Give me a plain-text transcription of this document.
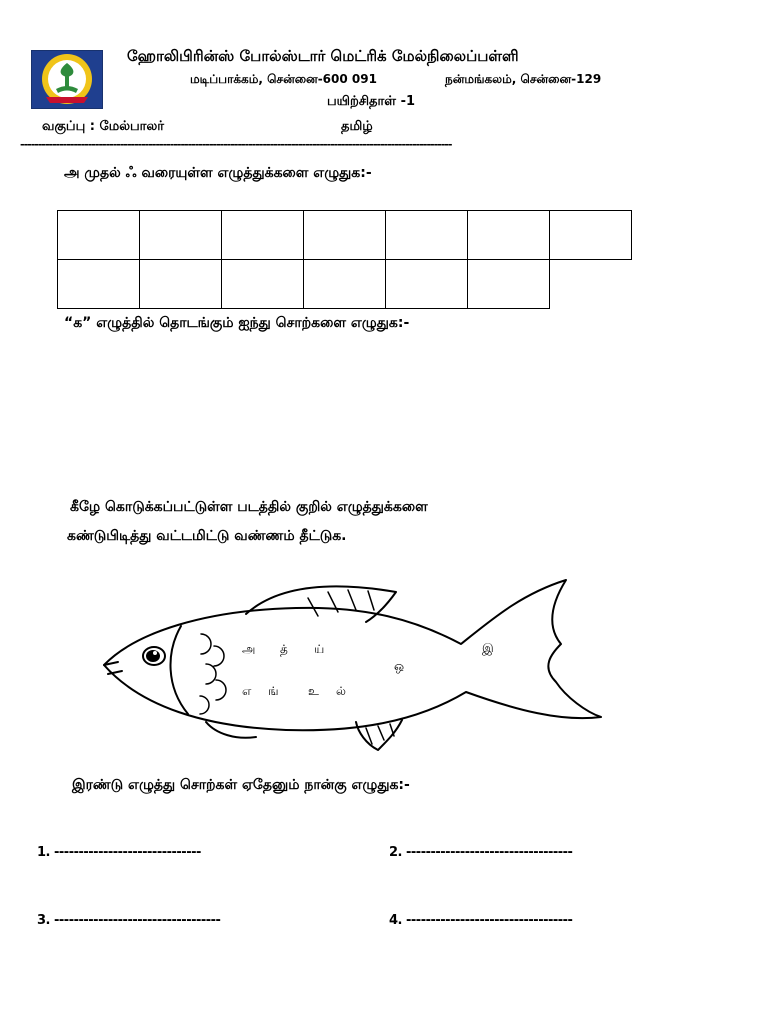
ஹோலிபிரின்ஸ் போல்ஸ்டார் மெட்ரிக் மேல்நிலைப்பள்ளி
மடிப்பாக்கம், சென்னை-600 091	நன்மங்கலம், சென்னை-129
பயிற்சிதாள் -1
வகுப்பு : மேல்பாலர்	தமிழ்
-------------------------------------------------------------------------------------------------------------------------
அ முதல் ஃ வரையுள்ள எழுத்துக்களை எழுதுக:-

“க” எழுத்தில் தொடங்கும் ஐந்து சொற்களை எழுதுக:-
கீழே கொடுக்கப்பட்டுள்ள படத்தில் குறில் எழுத்துக்களை
கண்டுபிடித்து வட்டமிட்டு வண்ணம் தீட்டுக.
அ த் ய்
ஒ
இ
எ ங் உ ல்
இரண்டு எழுத்து சொற்கள் ஏதேனும் நான்கு எழுதுக:-
1. ------------------------------	2. ----------------------------------
3. ----------------------------------	4. ----------------------------------
